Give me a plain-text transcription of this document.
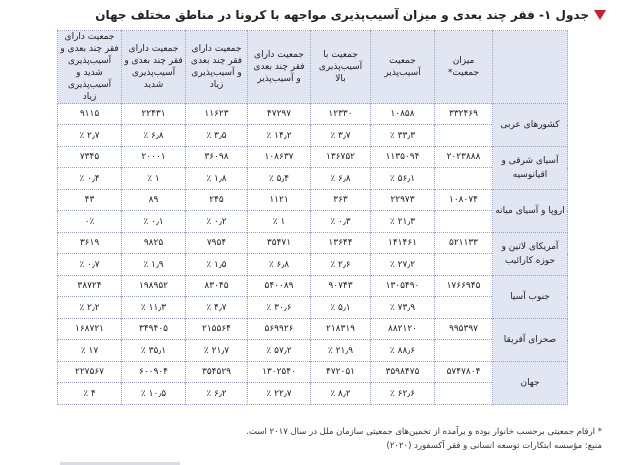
جدول ۱- فقر چند بعدی و میزان آسیب‌پذیری مواجهه با کرونا در مناطق مختلف جهان
	میزان جمعیت*	جمعیت آسیب‌پذیر	جمعیت با آسیب‌پذیری بالا	جمعیت دارای فقر چند بعدی و آسیب‌پذیر	جمعیت دارای فقر چند بعدی و آسیب‌پذیری زیاد	جمعیت دارای فقر چند بعدی و آسیب‌پذیری شدید	جمعیت دارای فقر چند بعدی و آسیب‌پذیری شدید و آسیب‌پذیری زیاد
کشورهای عربی	۳۳۲۴۶۹	۱۰۸۵۸	۱۲۳۳۰	۴۷۲۹۷	۱۱۶۲۳	۲۲۴۳۱	۹۱۱۵
		۳۳٫۳ ٪	۳٫۷ ٪	۱۴٫۲ ٪	۳٫۵ ٪	۶٫۸ ٪	۲٫۷ ٪
آسیای شرقی و اقیانوسیه	۲۰۲۳۸۸۸	۱۱۳۵۰۹۴	۱۳۶۷۵۲	۱۰۸۶۳۷	۳۶۰۹۸	۲۰۰۰۱	۷۳۴۵
		۵۶٫۱ ٪	۶٫۸ ٪	۵٫۴ ٪	۱٫۸ ٪	۱ ٪	۰٫۴ ٪
اروپا و آسیای میانه	۱۰۸۰۷۴	۲۲۹۷۳	۳۶۳	۱۱۲۱	۲۴۵	۸۹	۴۳
		۲۱٫۳ ٪	۰٫۳ ٪	۱ ٪	۰٫۲ ٪	۰٫۱ ٪	۰٪
آمریکای لاتین و حوزه کارائیب	۵۲۱۱۳۳	۱۴۱۴۶۱	۱۳۶۴۴	۳۵۴۷۱	۷۹۵۴	۹۸۲۵	۳۶۱۹
		۲۷٫۲ ٪	۲٫۶ ٪	۶٫۸ ٪	۱٫۵ ٪	۱٫۹ ٪	۰٫۷ ٪
جنوب آسیا	۱۷۶۶۹۴۵	۱۳۰۵۴۹۰	۹۰۷۴۳	۵۴۰۰۸۹	۸۳۰۴۵	۱۹۸۹۵۲	۳۸۷۲۴
		۷۳٫۹ ٪	۵٫۱ ٪	۳۰٫۶ ٪	۴٫۷ ٪	۱۱٫۳ ٪	۲٫۲ ٪
صحرای آفریقا	۹۹۵۳۹۷	۸۸۲۱۲۰	۲۱۸۳۱۹	۵۶۹۹۲۶	۲۱۵۵۶۴	۳۴۹۴۰۵	۱۶۸۷۲۱
		۸۸٫۶ ٪	۲۱٫۹ ٪	۵۷٫۲ ٪	۲۱٫۷ ٪	۳۵٫۱ ٪	۱۷ ٪
جهان	۵۷۴۷۸۰۴	۳۵۹۸۴۷۵	۴۷۲۰۵۱	۱۳۰۲۵۴۰	۳۵۴۵۲۹	۶۰۰۹۰۴	۲۲۷۵۶۷
		۶۲٫۶ ٪	۸٫۲ ٪	۲۲٫۷ ٪	۶٫۲ ٪	۱۰٫۵ ٪	۴ ٪
* ارقام جمعیتی برحسب خانوار بوده و برآمده از تخمین‌های جمعیتی سازمان ملل در سال ۲۰۱۷ است.
منبع: مؤسسه ابتکارات توسعه انسانی و فقر آکسفورد (۲۰۲۰)
